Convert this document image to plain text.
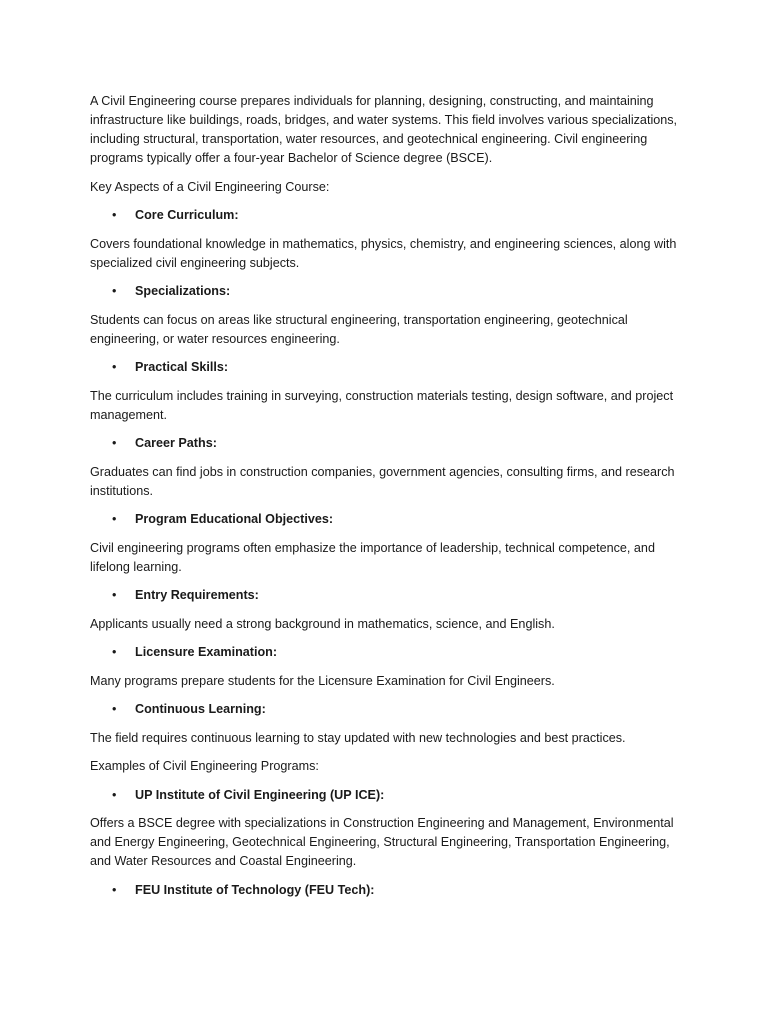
A Civil Engineering course prepares individuals for planning, designing, constructing, and maintaining infrastructure like buildings, roads, bridges, and water systems. This field involves various specializations, including structural, transportation, water resources, and geotechnical engineering. Civil engineering programs typically offer a four-year Bachelor of Science degree (BSCE).

Key Aspects of a Civil Engineering Course:

• Core Curriculum:

Covers foundational knowledge in mathematics, physics, chemistry, and engineering sciences, along with specialized civil engineering subjects.

• Specializations:

Students can focus on areas like structural engineering, transportation engineering, geotechnical engineering, or water resources engineering.

• Practical Skills:

The curriculum includes training in surveying, construction materials testing, design software, and project management.

• Career Paths:

Graduates can find jobs in construction companies, government agencies, consulting firms, and research institutions.

• Program Educational Objectives:

Civil engineering programs often emphasize the importance of leadership, technical competence, and lifelong learning.

• Entry Requirements:

Applicants usually need a strong background in mathematics, science, and English.

• Licensure Examination:

Many programs prepare students for the Licensure Examination for Civil Engineers.

• Continuous Learning:

The field requires continuous learning to stay updated with new technologies and best practices.

Examples of Civil Engineering Programs:

• UP Institute of Civil Engineering (UP ICE):

Offers a BSCE degree with specializations in Construction Engineering and Management, Environmental and Energy Engineering, Geotechnical Engineering, Structural Engineering, Transportation Engineering, and Water Resources and Coastal Engineering.

• FEU Institute of Technology (FEU Tech):
